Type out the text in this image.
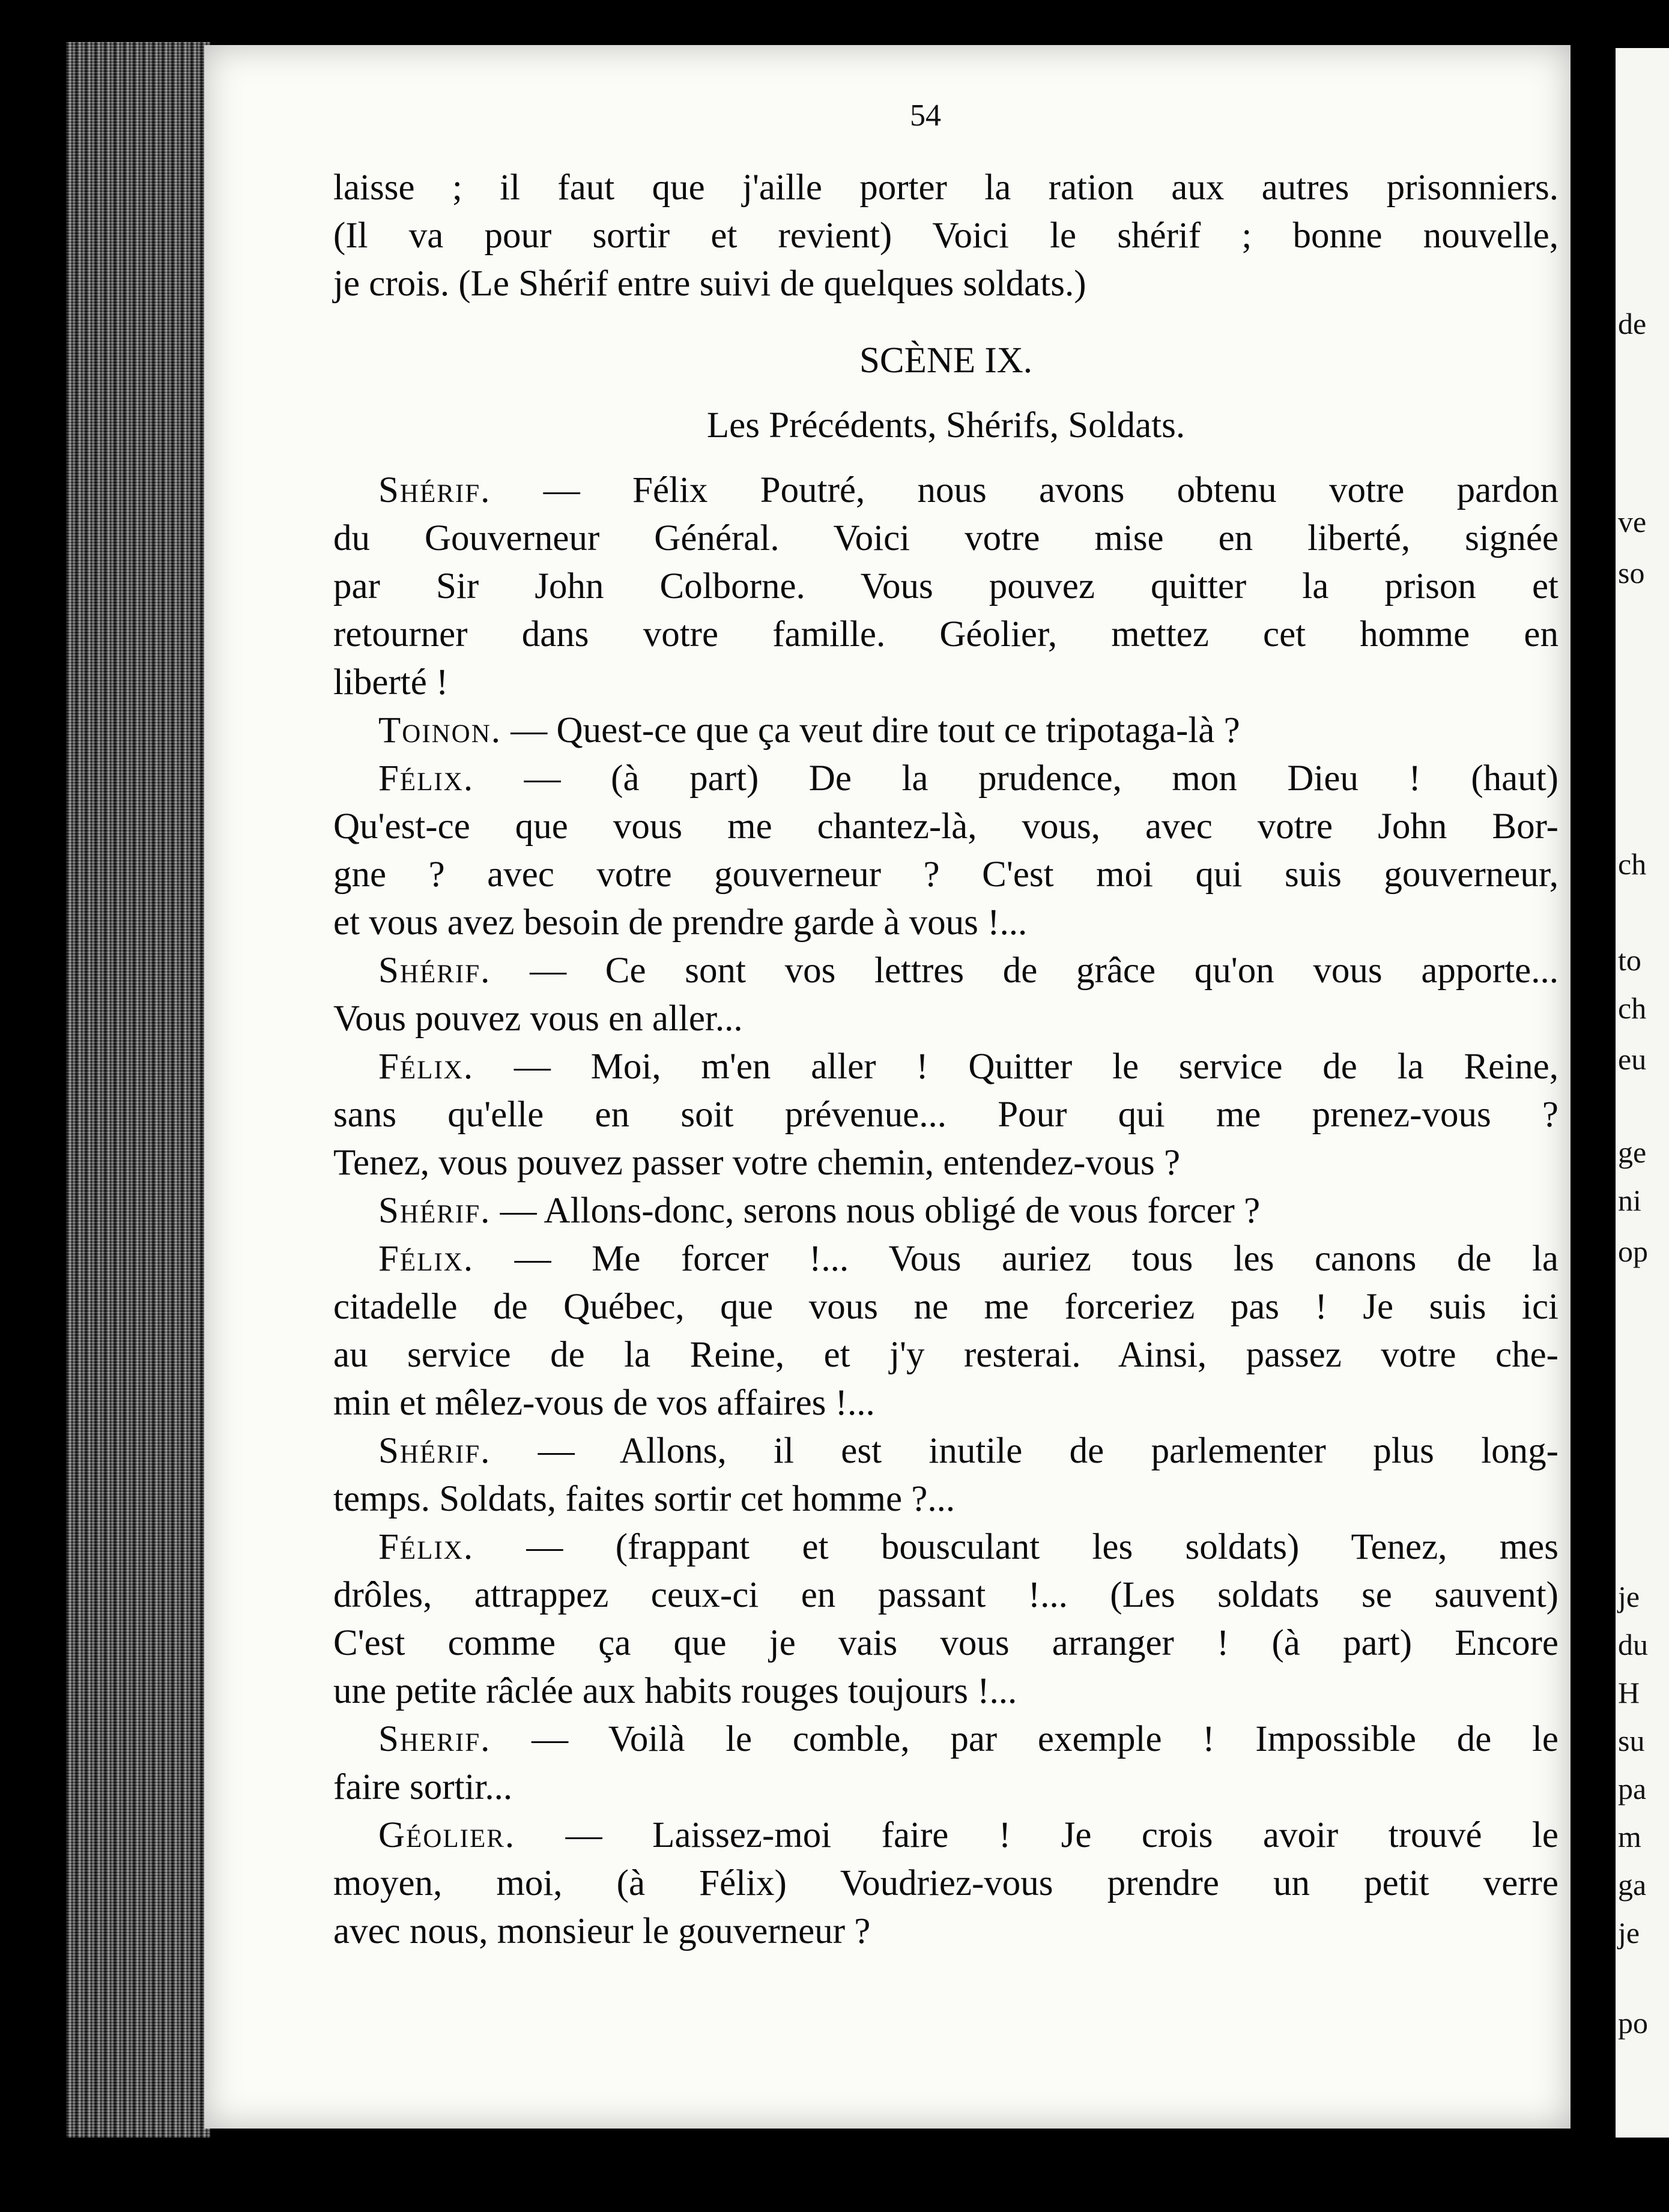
54
laisse ; il faut que j'aille porter la ration aux autres prisonniers.
(Il va pour sortir et revient) Voici le shérif ; bonne nouvelle,
je crois. (Le Shérif entre suivi de quelques soldats.)
SCÈNE IX.
Les Précédents, Shérifs, Soldats.
Shérif. — Félix Poutré, nous avons obtenu votre pardon
du Gouverneur Général. Voici votre mise en liberté, signée
par Sir John Colborne. Vous pouvez quitter la prison et
retourner dans votre famille. Géolier, mettez cet homme en
liberté !
Toinon. — Quest-ce que ça veut dire tout ce tripotaga-là ?
Félix. — (à part) De la prudence, mon Dieu ! (haut)
Qu'est-ce que vous me chantez-là, vous, avec votre John Bor-
gne ? avec votre gouverneur ? C'est moi qui suis gouverneur,
et vous avez besoin de prendre garde à vous !...
Shérif. — Ce sont vos lettres de grâce qu'on vous apporte...
Vous pouvez vous en aller...
Félix. — Moi, m'en aller ! Quitter le service de la Reine,
sans qu'elle en soit prévenue... Pour qui me prenez-vous ?
Tenez, vous pouvez passer votre chemin, entendez-vous ?
Shérif. — Allons-donc, serons nous obligé de vous forcer ?
Félix. — Me forcer !... Vous auriez tous les canons de la
citadelle de Québec, que vous ne me forceriez pas ! Je suis ici
au service de la Reine, et j'y resterai. Ainsi, passez votre che-
min et mêlez-vous de vos affaires !...
Shérif. — Allons, il est inutile de parlementer plus long-
temps. Soldats, faites sortir cet homme ?...
Félix. — (frappant et bousculant les soldats) Tenez, mes
drôles, attrappez ceux-ci en passant !... (Les soldats se sauvent)
C'est comme ça que je vais vous arranger ! (à part) Encore
une petite râclée aux habits rouges toujours !...
Sherif. — Voilà le comble, par exemple ! Impossible de le
faire sortir...
Géolier. — Laissez-moi faire ! Je crois avoir trouvé le
moyen, moi, (à Félix) Voudriez-vous prendre un petit verre
avec nous, monsieur le gouverneur ?
de
ve
so
ch
to
ch
eu
ge
ni
op
je
du
H
su
pa
m
ga
je
po
